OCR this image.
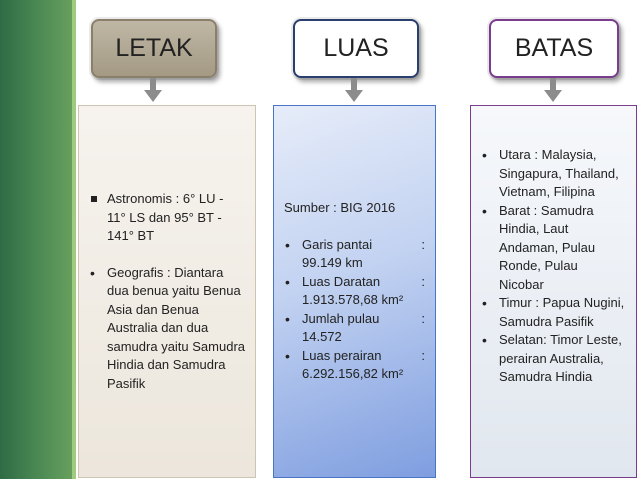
LETAK	LUAS	BATAS
Astronomis : 6° LU - 11° LS dan 95° BT - 141° BT
• Geografis : Diantara dua benua yaitu Benua Asia dan Benua Australia dan dua samudra yaitu Samudra Hindia dan Samudra Pasifik
Sumber : BIG 2016
• Garis pantai	:
99.149 km
• Luas Daratan	:
1.913.578,68 km²
• Jumlah pulau	:
14.572
• Luas perairan	:
6.292.156,82 km²
• Utara : Malaysia, Singapura, Thailand, Vietnam, Filipina
• Barat : Samudra Hindia, Laut Andaman, Pulau Ronde, Pulau Nicobar
• Timur : Papua Nugini, Samudra Pasifik
• Selatan: Timor Leste, perairan Australia, Samudra Hindia
